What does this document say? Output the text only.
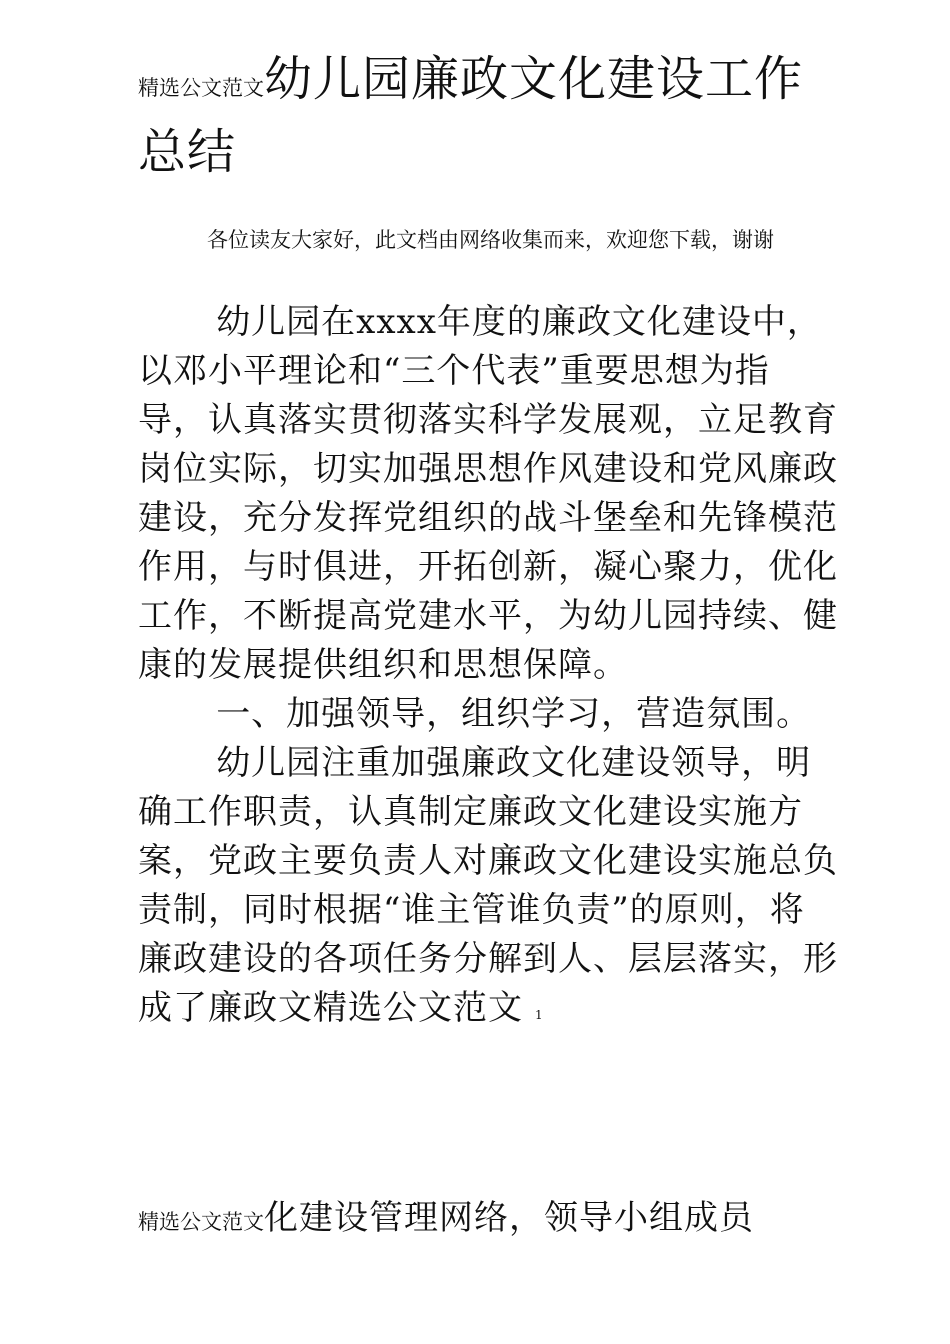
精选公文范文幼儿园廉政文化建设工作总结
各位读友大家好，此文档由网络收集而来，欢迎您下载，谢谢

幼儿园在xxxx年度的廉政文化建设中，以邓小平理论和“三个代表”重要思想为指导，认真落实贯彻落实科学发展观，立足教育岗位实际，切实加强思想作风建设和党风廉政建设，充分发挥党组织的战斗堡垒和先锋模范作用，与时俱进，开拓创新，凝心聚力，优化工作，不断提高党建水平，为幼儿园持续、健康的发展提供组织和思想保障。

一、加强领导，组织学习，营造氛围。

幼儿园注重加强廉政文化建设领导，明确工作职责，认真制定廉政文化建设实施方案，党政主要负责人对廉政文化建设实施总负责制，同时根据“谁主管谁负责”的原则，将廉政建设的各项任务分解到人、层层落实，形成了廉政文精选公文范文 1

精选公文范文化建设管理网络，领导小组成员
